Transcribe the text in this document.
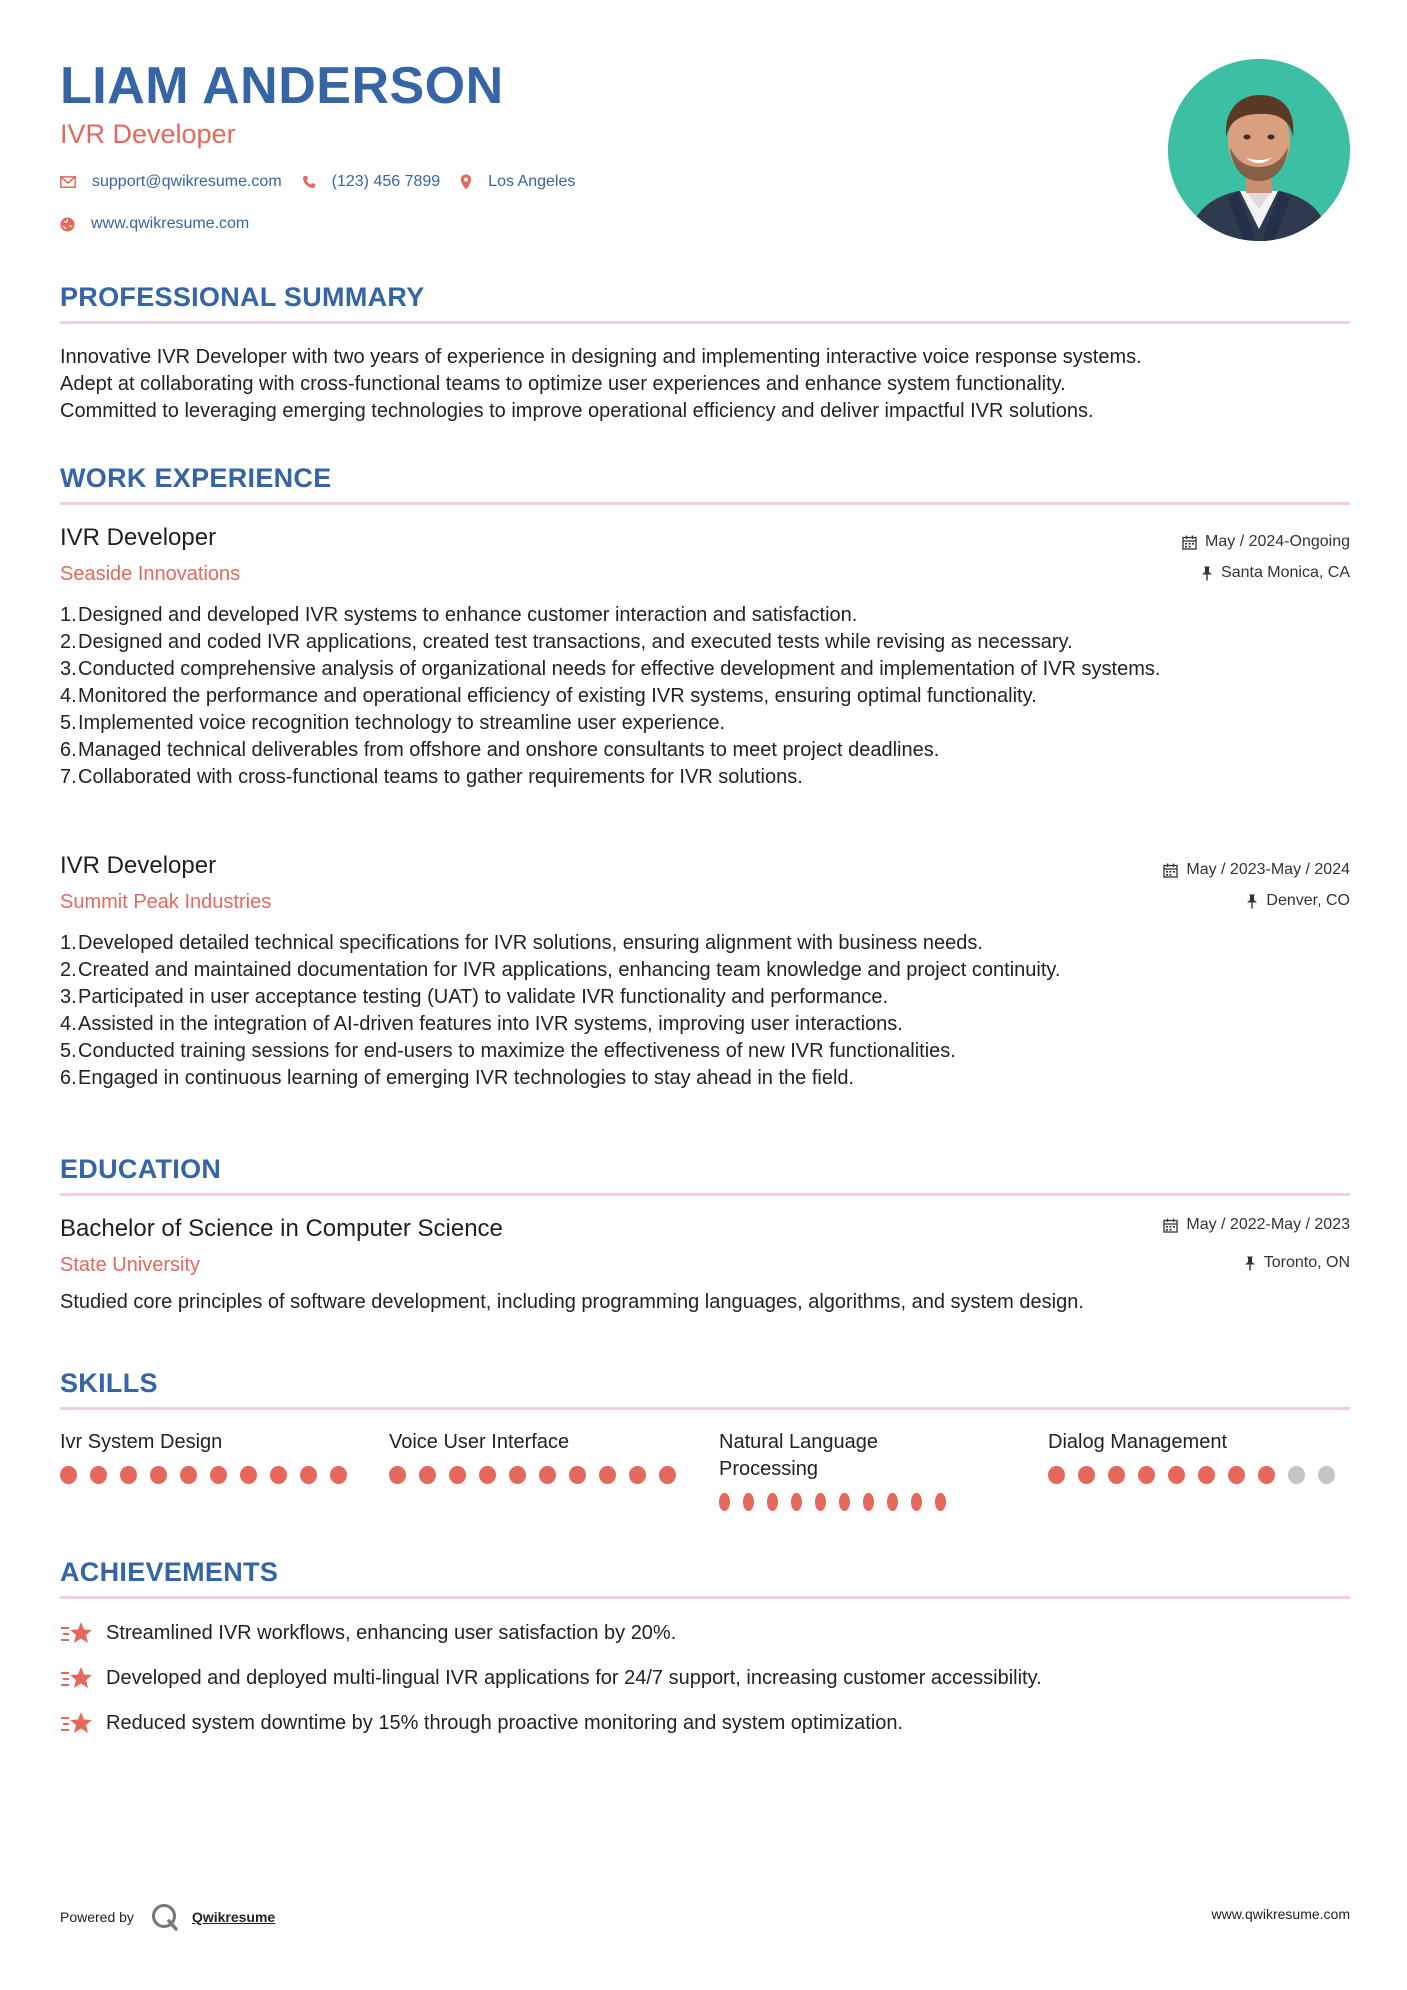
LIAM ANDERSON
IVR Developer
support@qwikresume.com	(123) 456 7899	Los Angeles
www.qwikresume.com
PROFESSIONAL SUMMARY
Innovative IVR Developer with two years of experience in designing and implementing interactive voice response systems.
Adept at collaborating with cross-functional teams to optimize user experiences and enhance system functionality.
Committed to leveraging emerging technologies to improve operational efficiency and deliver impactful IVR solutions.
WORK EXPERIENCE
IVR Developer
Seaside Innovations
May / 2024-Ongoing
Santa Monica, CA
1. Designed and developed IVR systems to enhance customer interaction and satisfaction.
2. Designed and coded IVR applications, created test transactions, and executed tests while revising as necessary.
3. Conducted comprehensive analysis of organizational needs for effective development and implementation of IVR systems.
4. Monitored the performance and operational efficiency of existing IVR systems, ensuring optimal functionality.
5. Implemented voice recognition technology to streamline user experience.
6. Managed technical deliverables from offshore and onshore consultants to meet project deadlines.
7. Collaborated with cross-functional teams to gather requirements for IVR solutions.
IVR Developer
Summit Peak Industries
May / 2023-May / 2024
Denver, CO
1. Developed detailed technical specifications for IVR solutions, ensuring alignment with business needs.
2. Created and maintained documentation for IVR applications, enhancing team knowledge and project continuity.
3. Participated in user acceptance testing (UAT) to validate IVR functionality and performance.
4. Assisted in the integration of AI-driven features into IVR systems, improving user interactions.
5. Conducted training sessions for end-users to maximize the effectiveness of new IVR functionalities.
6. Engaged in continuous learning of emerging IVR technologies to stay ahead in the field.
EDUCATION
Bachelor of Science in Computer Science
State University
May / 2022-May / 2023
Toronto, ON
Studied core principles of software development, including programming languages, algorithms, and system design.
SKILLS
Ivr System Design	Voice User Interface	Natural Language Processing
Dialog Management
ACHIEVEMENTS
Streamlined IVR workflows, enhancing user satisfaction by 20%.
Developed and deployed multi-lingual IVR applications for 24/7 support, increasing customer accessibility.
Reduced system downtime by 15% through proactive monitoring and system optimization.
Powered by	Qwikresume	www.qwikresume.com
